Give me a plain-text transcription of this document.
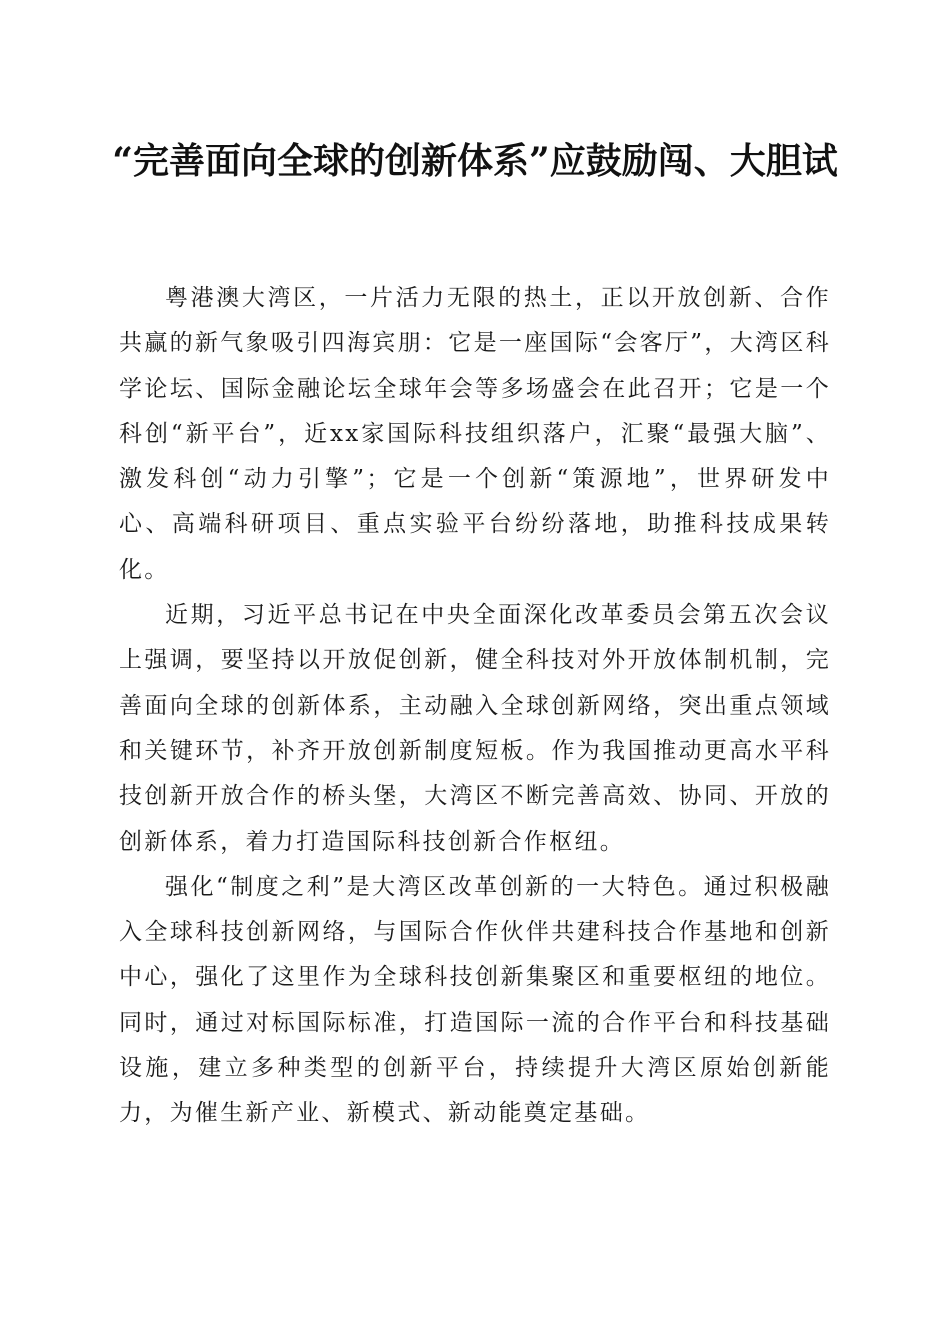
“完善面向全球的创新体系”应鼓励闯、大胆试

粤港澳大湾区，一片活力无限的热土，正以开放创新、合作共赢的新气象吸引四海宾朋：它是一座国际“会客厅”，大湾区科学论坛、国际金融论坛全球年会等多场盛会在此召开；它是一个科创“新平台”，近xx家国际科技组织落户，汇聚“最强大脑”、激发科创“动力引擎”；它是一个创新“策源地”，世界研发中心、高端科研项目、重点实验平台纷纷落地，助推科技成果转化。

近期，习近平总书记在中央全面深化改革委员会第五次会议上强调，要坚持以开放促创新，健全科技对外开放体制机制，完善面向全球的创新体系，主动融入全球创新网络，突出重点领域和关键环节，补齐开放创新制度短板。作为我国推动更高水平科技创新开放合作的桥头堡，大湾区不断完善高效、协同、开放的创新体系，着力打造国际科技创新合作枢纽。

强化“制度之利”是大湾区改革创新的一大特色。通过积极融入全球科技创新网络，与国际合作伙伴共建科技合作基地和创新中心，强化了这里作为全球科技创新集聚区和重要枢纽的地位。同时，通过对标国际标准，打造国际一流的合作平台和科技基础设施，建立多种类型的创新平台，持续提升大湾区原始创新能力，为催生新产业、新模式、新动能奠定基础。
